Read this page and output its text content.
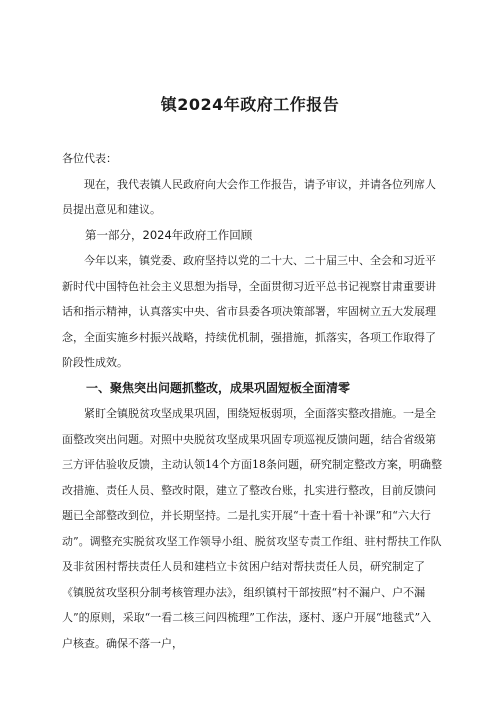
镇2024年政府工作报告

各位代表：

现在，我代表镇人民政府向大会作工作报告，请予审议，并请各位列席人员提出意见和建议。

第一部分，2024年政府工作回顾

今年以来，镇党委、政府坚持以党的二十大、二十届三中、全会和习近平新时代中国特色社会主义思想为指导，全面贯彻习近平总书记视察甘肃重要讲话和指示精神，认真落实中央、省市县委各项决策部署，牢固树立五大发展理念，全面实施乡村振兴战略，持续优机制，强措施，抓落实，各项工作取得了阶段性成效。

一、聚焦突出问题抓整改，成果巩固短板全面清零

紧盯全镇脱贫攻坚成果巩固，围绕短板弱项，全面落实整改措施。一是全面整改突出问题。对照中央脱贫攻坚成果巩固专项巡视反馈问题，结合省级第三方评估验收反馈，主动认领14个方面18条问题，研究制定整改方案，明确整改措施、责任人员、整改时限，建立了整改台账，扎实进行整改，目前反馈问题已全部整改到位，并长期坚持。二是扎实开展“十查十看十补课”和“六大行动”。调整充实脱贫攻坚工作领导小组、脱贫攻坚专责工作组、驻村帮扶工作队及非贫困村帮扶责任人员和建档立卡贫困户结对帮扶责任人员，研究制定了《镇脱贫攻坚积分制考核管理办法》，组织镇村干部按照“村不漏户、户不漏人”的原则，采取“一看二核三问四梳理”工作法，逐村、逐户开展“地毯式”入户核查。确保不落一户，
